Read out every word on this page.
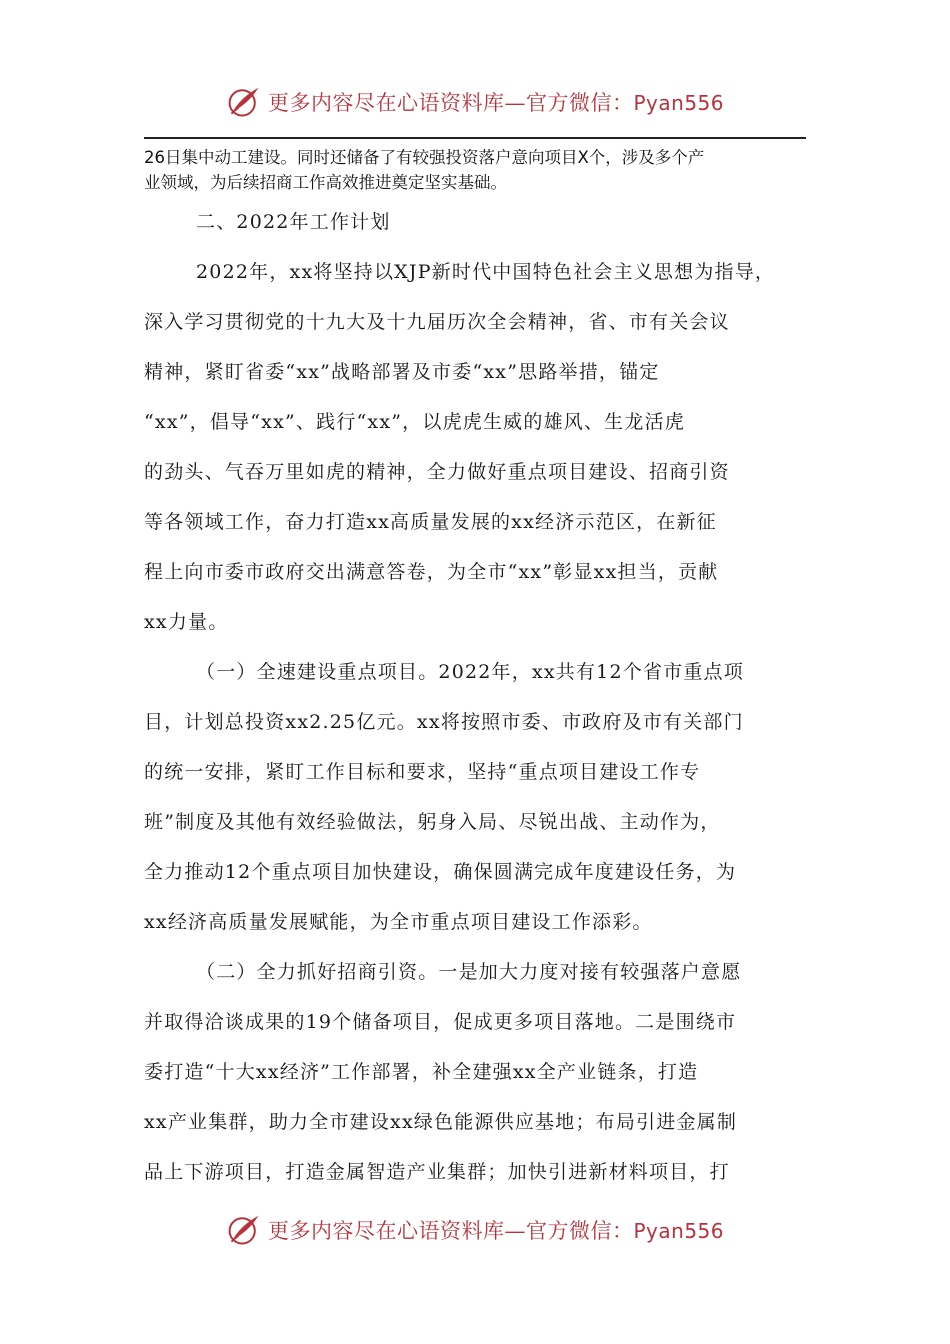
更多内容尽在心语资料库—官方微信：Pyan556
26日集中动工建设。同时还储备了有较强投资落户意向项目X个，涉及多个产
业领域，为后续招商工作高效推进奠定坚实基础。
二、2022年工作计划
2022年，xx将坚持以XJP新时代中国特色社会主义思想为指导，
深入学习贯彻党的十九大及十九届历次全会精神，省、市有关会议
精神，紧盯省委“xx”战略部署及市委“xx”思路举措，锚定
“xx”，倡导“xx”、践行“xx”，以虎虎生威的雄风、生龙活虎
的劲头、气吞万里如虎的精神，全力做好重点项目建设、招商引资
等各领域工作，奋力打造xx高质量发展的xx经济示范区，在新征
程上向市委市政府交出满意答卷，为全市“xx”彰显xx担当，贡献
xx力量。
（一）全速建设重点项目。2022年，xx共有12个省市重点项
目，计划总投资xx2.25亿元。xx将按照市委、市政府及市有关部门
的统一安排，紧盯工作目标和要求，坚持“重点项目建设工作专
班”制度及其他有效经验做法，躬身入局、尽锐出战、主动作为，
全力推动12个重点项目加快建设，确保圆满完成年度建设任务，为
xx经济高质量发展赋能，为全市重点项目建设工作添彩。
（二）全力抓好招商引资。一是加大力度对接有较强落户意愿
并取得洽谈成果的19个储备项目，促成更多项目落地。二是围绕市
委打造“十大xx经济”工作部署，补全建强xx全产业链条，打造
xx产业集群，助力全市建设xx绿色能源供应基地；布局引进金属制
品上下游项目，打造金属智造产业集群；加快引进新材料项目，打
更多内容尽在心语资料库—官方微信：Pyan556
